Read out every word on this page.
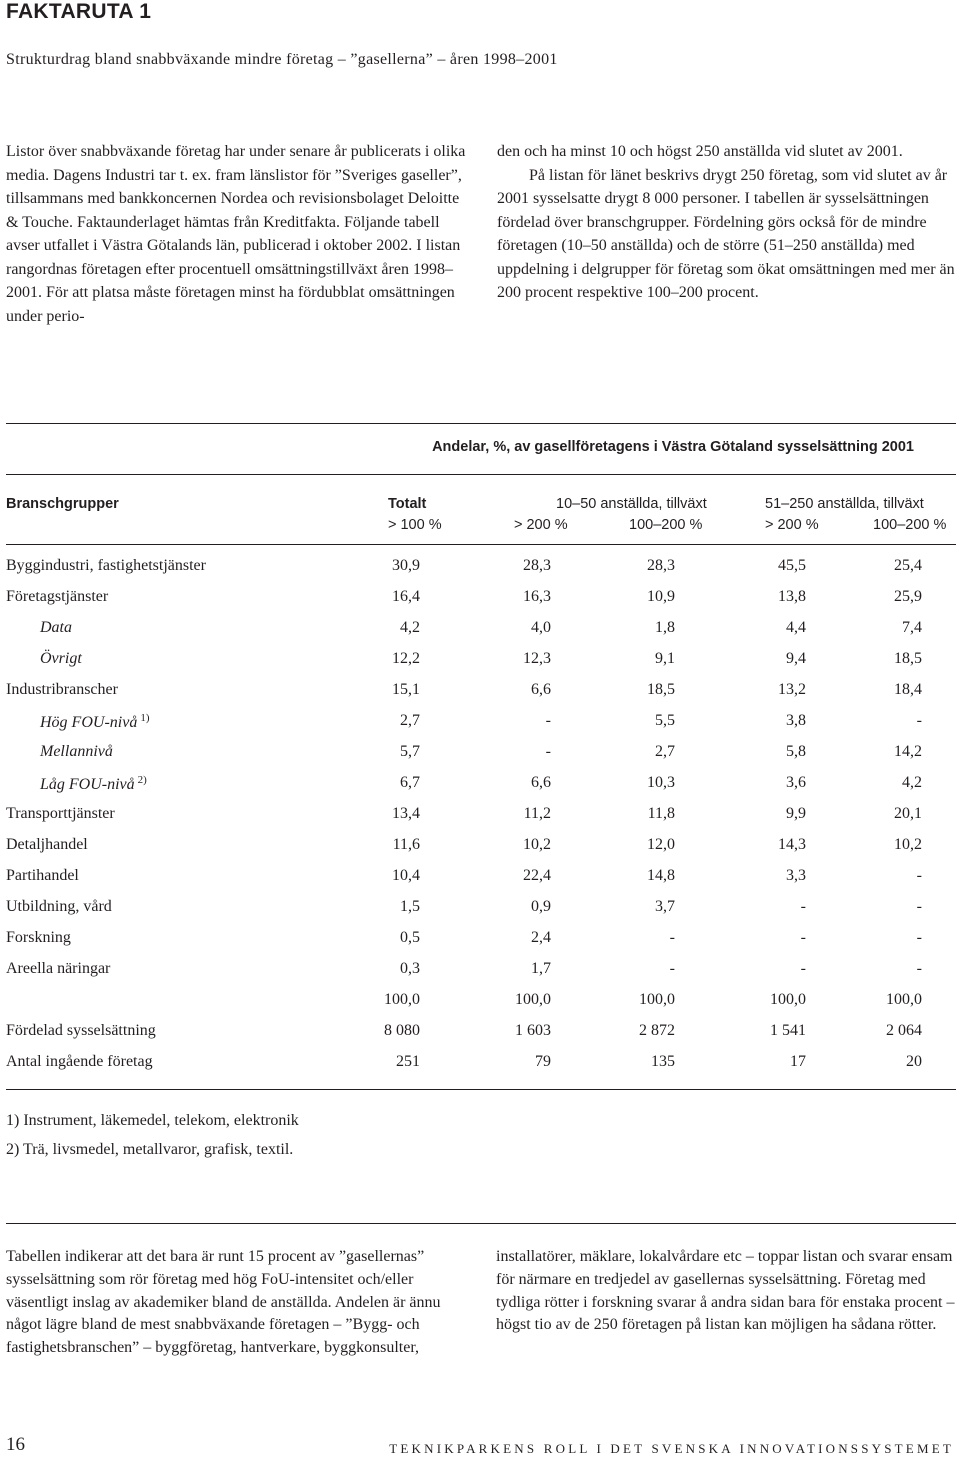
FAKTARUTA 1
Strukturdrag bland snabbväxande mindre företag – ”gasellerna” – åren 1998–2001

Listor över snabbväxande företag har under senare år publicerats i olika media. Dagens Industri tar t. ex. fram länslistor för ”Sveriges gaseller”, tillsammans med bankkoncernen Nordea och revisionsbolaget Deloitte & Touche. Faktaunderlaget hämtas från Kreditfakta. Följande tabell avser utfallet i Västra Götalands län, publicerad i oktober 2002. I listan rangordnas företagen efter procentuell omsättningstillväxt åren 1998–2001. För att platsa måste företagen minst ha fördubblat omsättningen under perio-

den och ha minst 10 och högst 250 anställda vid slutet av 2001.

På listan för länet beskrivs drygt 250 företag, som vid slutet av år 2001 sysselsatte drygt 8 000 personer. I tabellen är sysselsättningen fördelad över branschgrupper. Fördelning görs också för de mindre företagen (10–50 anställda) och de större (51–250 anställda) med uppdelning i delgrupper för företag som ökat omsättningen med mer än 200 procent respektive 100–200 procent.

Andelar, %, av gasellföretagens i Västra Götaland sysselsättning 2001
Branschgrupper	Totalt
> 100 %
10–50 anställda, tillväxt	51–250 anställda, tillväxt
> 200 %	100–200 %	> 200 %	100–200 %
Byggindustri, fastighetstjänster	30,9	28,3	28,3	45,5	25,4
Företagstjänster	16,4	16,3	10,9	13,8	25,9
Data	4,2	4,0	1,8	4,4	7,4
Övrigt	12,2	12,3	9,1	9,4	18,5
Industribranscher	15,1	6,6	18,5	13,2	18,4
Hög FOU-nivå $^{1)}$	2,7	-	5,5	3,8	-
Mellannivå	5,7	-	2,7	5,8	14,2
Låg FOU-nivå $^{2)}$	6,7	6,6	10,3	3,6	4,2
Transporttjänster	13,4	11,2	11,8	9,9	20,1
Detaljhandel	11,6	10,2	12,0	14,3	10,2
Partihandel	10,4	22,4	14,8	3,3	-
Utbildning, vård	1,5	0,9	3,7	-	-
Forskning	0,5	2,4	-	-	-
Areella näringar	0,3	1,7	-	-	-
100,0	100,0	100,0	100,0	100,0
Fördelad sysselsättning	8 080	1 603	2 872	1 541	2 064
Antal ingående företag	251	79	135	17	20
1) Instrument, läkemedel, telekom, elektronik
2) Trä, livsmedel, metallvaror, grafisk, textil.

Tabellen indikerar att det bara är runt 15 procent av ”gasellernas” sysselsättning som rör företag med hög FoU-intensitet och/eller väsentligt inslag av akademiker bland de anställda. Andelen är ännu något lägre bland de mest snabbväxande företagen – ”Bygg- och fastighetsbranschen” – byggföretag, hantverkare, byggkonsulter,

installatörer, mäklare, lokalvårdare etc – toppar listan och svarar ensam för närmare en tredjedel av gasellernas sysselsättning. Företag med tydliga rötter i forskning svarar å andra sidan bara för enstaka procent – högst tio av de 250 företagen på listan kan möjligen ha sådana rötter.

16	TEKNIKPARKENS ROLL I DET SVENSKA INNOVATIONSSYSTEMET
